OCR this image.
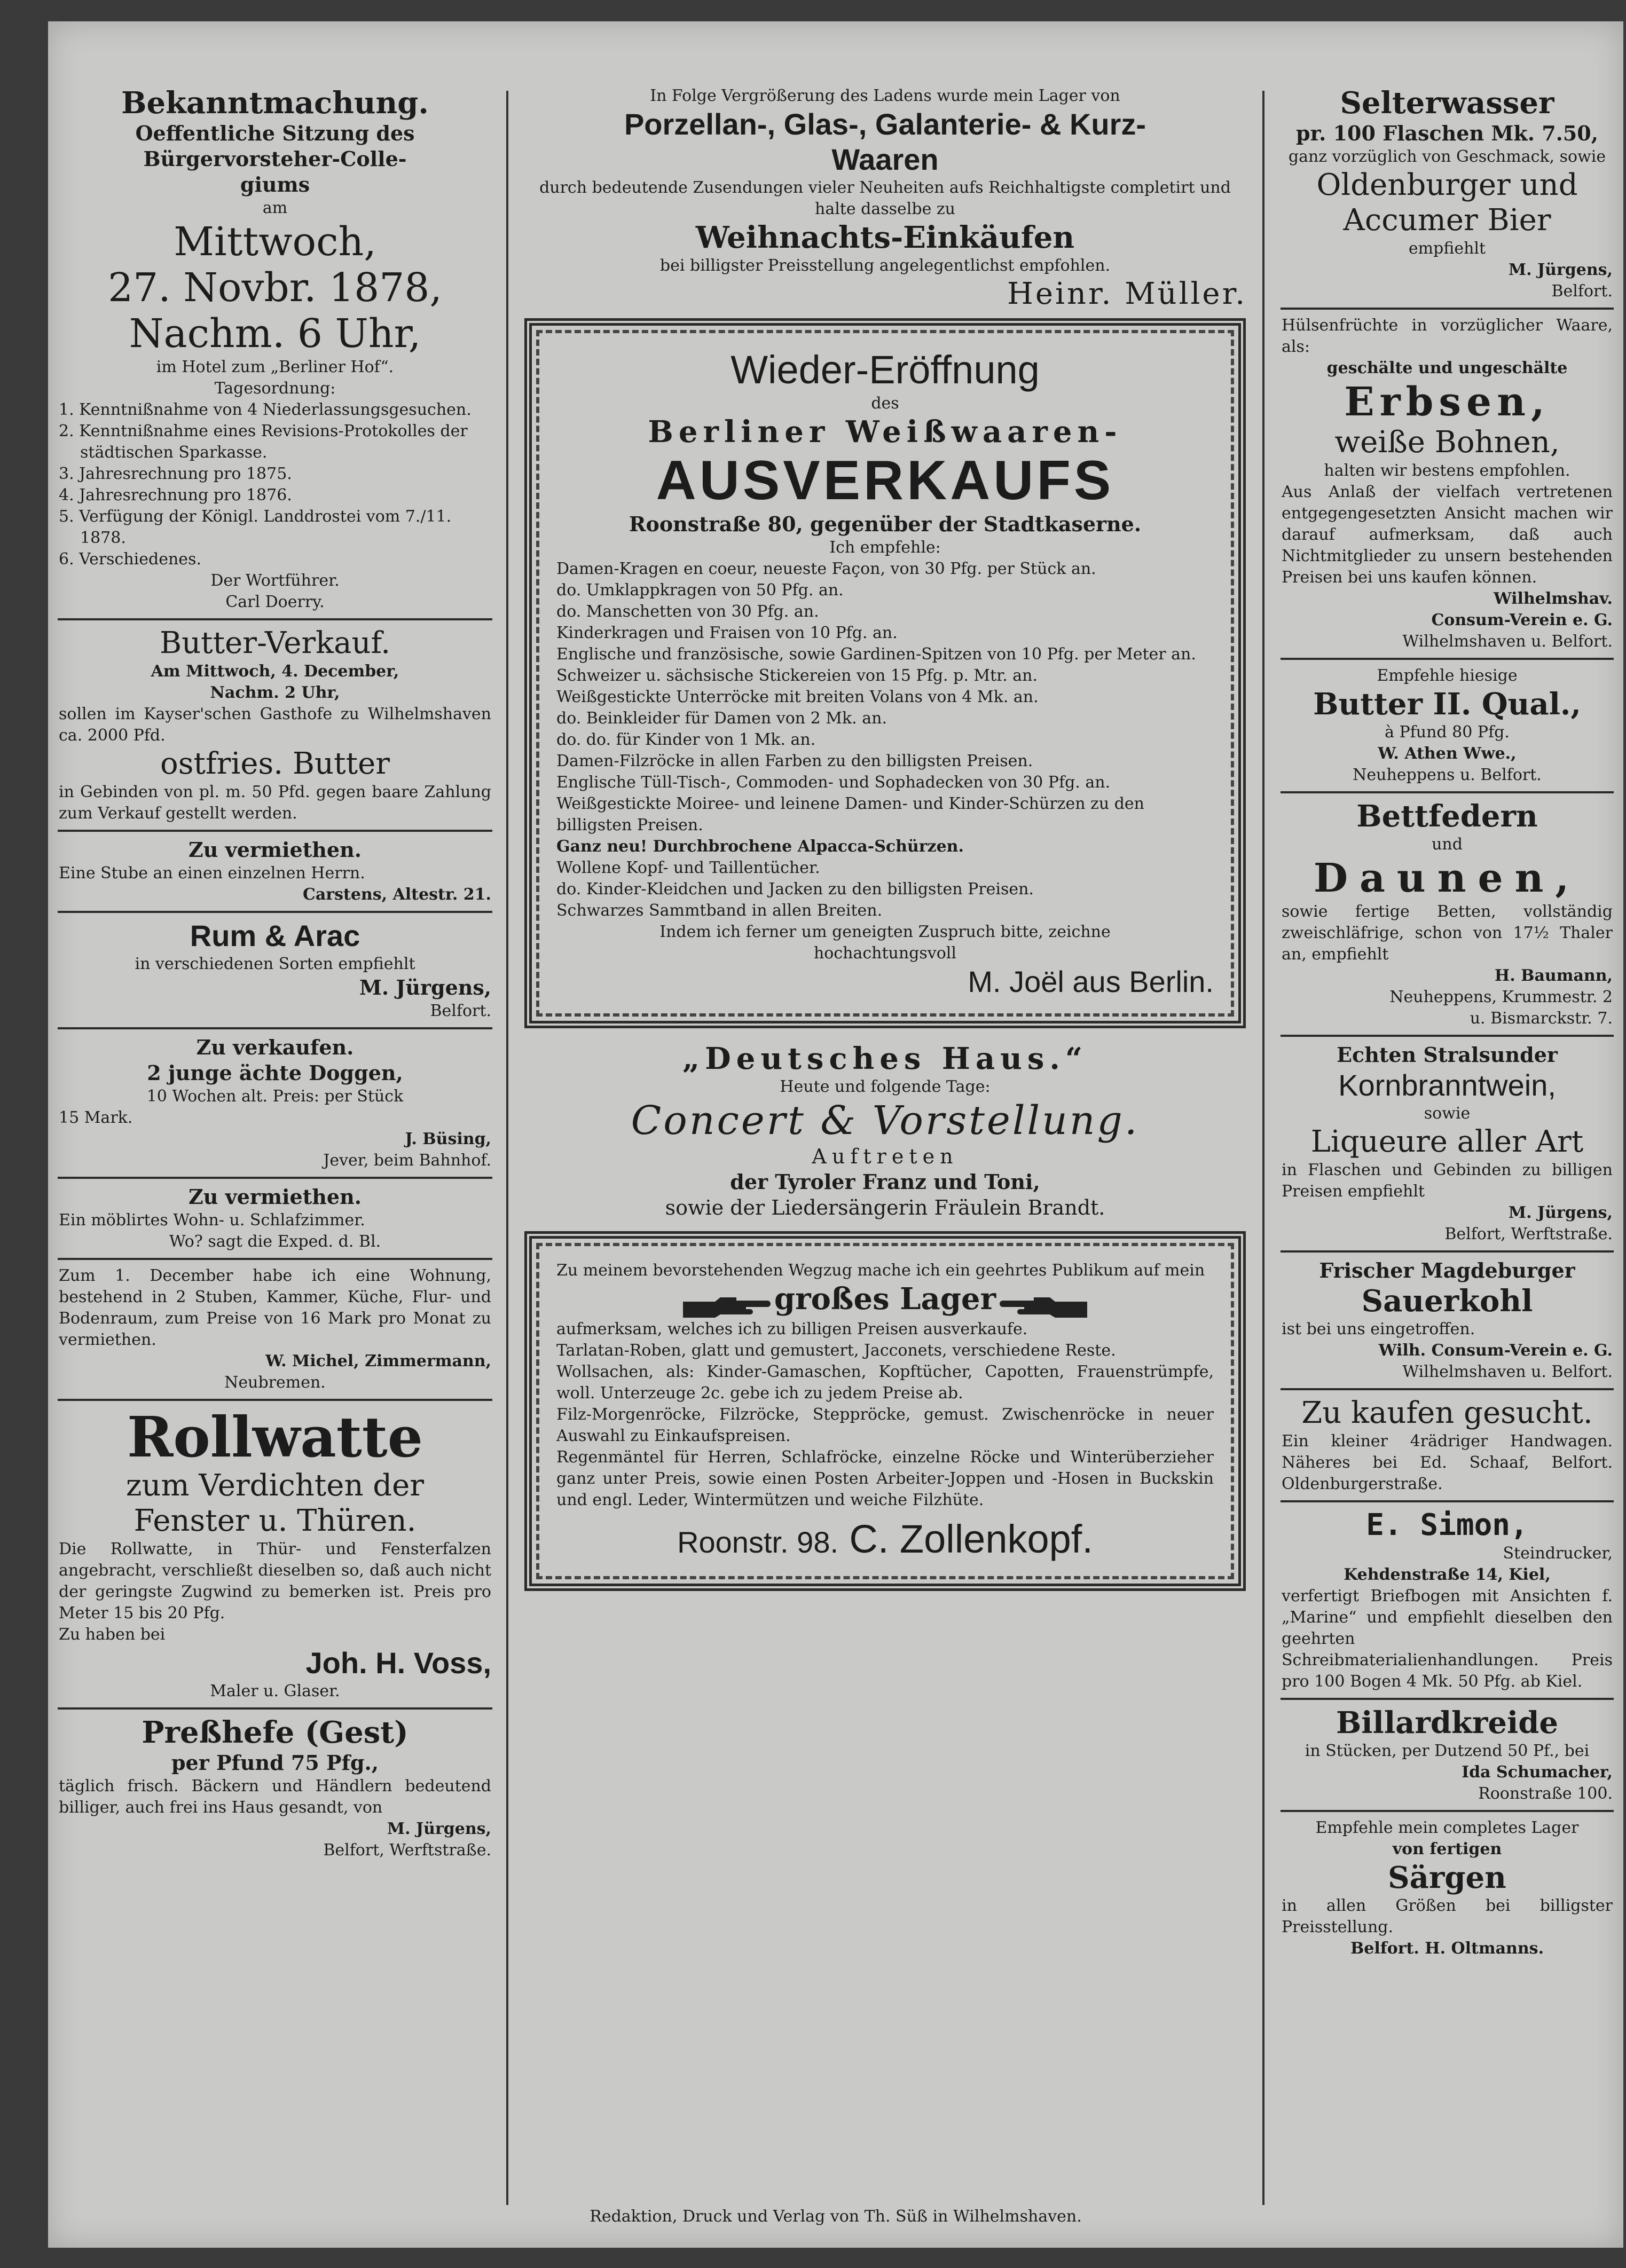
Bekanntmachung.
Oeffentliche Sitzung des
Bürgervorsteher-Colle-
giums
am
Mittwoch,
27. Novbr. 1878,
Nachm. 6 Uhr,
im Hotel zum „Berliner Hof“.
Tagesordnung:
1. Kenntnißnahme von 4 Niederlassungsgesuchen.
2. Kenntnißnahme eines Revisions-Protokolles der städtischen Sparkasse.
3. Jahresrechnung pro 1875.
4. Jahresrechnung pro 1876.
5. Verfügung der Königl. Landdrostei vom 7./11. 1878.
6. Verschiedenes.
Der Wortführer.
Carl Doerry.
Butter-Verkauf.
Am Mittwoch, 4. December,
Nachm. 2 Uhr,
sollen im Kayser'schen Gasthofe zu Wilhelmshaven ca. 2000 Pfd.
ostfries. Butter
in Gebinden von pl. m. 50 Pfd. gegen baare Zahlung zum Verkauf gestellt werden.
Zu vermiethen.
Eine Stube an einen einzelnen Herrn.
Carstens, Altestr. 21.
Rum & Arac
in verschiedenen Sorten empfiehlt
M. Jürgens,
Belfort.
Zu verkaufen.
2 junge ächte Doggen,
10 Wochen alt. Preis: per Stück
15 Mark.
J. Büsing,
Jever, beim Bahnhof.
Zu vermiethen.
Ein möblirtes Wohn- u. Schlafzimmer.
Wo? sagt die Exped. d. Bl.
Zum 1. December habe ich eine Wohnung, bestehend in 2 Stuben, Kammer, Küche, Flur- und Bodenraum, zum Preise von 16 Mark pro Monat zu vermiethen.
W. Michel, Zimmermann,
Neubremen.
Rollwatte
zum Verdichten der
Fenster u. Thüren.
Die Rollwatte, in Thür- und Fensterfalzen angebracht, verschließt dieselben so, daß auch nicht der geringste Zugwind zu bemerken ist. Preis pro Meter 15 bis 20 Pfg.
Zu haben bei
Joh. H. Voss,
Maler u. Glaser.
Preßhefe (Gest)
per Pfund 75 Pfg.,
täglich frisch. Bäckern und Händlern bedeutend billiger, auch frei ins Haus gesandt, von
M. Jürgens,
Belfort, Werftstraße.
In Folge Vergrößerung des Ladens wurde mein Lager von
Porzellan-, Glas-, Galanterie- & Kurz-
Waaren
durch bedeutende Zusendungen vieler Neuheiten aufs Reichhaltigste completirt und halte dasselbe zu
Weihnachts-Einkäufen
bei billigster Preisstellung angelegentlichst empfohlen.
Heinr. Müller.
Wieder-Eröffnung
des
Berliner Weißwaaren-
AUSVERKAUFS
Roonstraße 80, gegenüber der Stadtkaserne.
Ich empfehle:
Damen-Kragen en coeur, neueste Façon, von 30 Pfg. per Stück an.
do. Umklappkragen von 50 Pfg. an.
do. Manschetten von 30 Pfg. an.
Kinderkragen und Fraisen von 10 Pfg. an.
Englische und französische, sowie Gardinen-Spitzen von 10 Pfg. per Meter an.
Schweizer u. sächsische Stickereien von 15 Pfg. p. Mtr. an.
Weißgestickte Unterröcke mit breiten Volans von 4 Mk. an.
do. Beinkleider für Damen von 2 Mk. an.
do. do. für Kinder von 1 Mk. an.
Damen-Filzröcke in allen Farben zu den billigsten Preisen.
Englische Tüll-Tisch-, Commoden- und Sophadecken von 30 Pfg. an.
Weißgestickte Moiree- und leinene Damen- und Kinder-Schürzen zu den billigsten Preisen.
Ganz neu! Durchbrochene Alpacca-Schürzen.
Wollene Kopf- und Taillentücher.
do. Kinder-Kleidchen und Jacken zu den billigsten Preisen.
Schwarzes Sammtband in allen Breiten.
Indem ich ferner um geneigten Zuspruch bitte, zeichne
hochachtungsvoll
M. Joël aus Berlin.
„Deutsches Haus.“
Heute und folgende Tage:
Concert & Vorstellung.
Auftreten
der Tyroler Franz und Toni,
sowie der Liedersängerin Fräulein Brandt.
Zu meinem bevorstehenden Wegzug mache ich ein geehrtes Publikum auf mein
großes Lager
aufmerksam, welches ich zu billigen Preisen ausverkaufe.
Tarlatan-Roben, glatt und gemustert, Jacconets, verschiedene Reste.
Wollsachen, als: Kinder-Gamaschen, Kopftücher, Capotten, Frauenstrümpfe, woll. Unterzeuge 2c. gebe ich zu jedem Preise ab.
Filz-Morgenröcke, Filzröcke, Steppröcke, gemust. Zwischenröcke in neuer Auswahl zu Einkaufspreisen.
Regenmäntel für Herren, Schlafröcke, einzelne Röcke und Winterüberzieher ganz unter Preis, sowie einen Posten Arbeiter-Joppen und -Hosen in Buckskin und engl. Leder, Wintermützen und weiche Filzhüte.
Roonstr. 98. C. Zollenkopf.
Selterwasser
pr. 100 Flaschen Mk. 7.50,
ganz vorzüglich von Geschmack, sowie
Oldenburger und
Accumer Bier
empfiehlt
M. Jürgens,
Belfort.
Hülsenfrüchte in vorzüglicher Waare, als:
geschälte und ungeschälte
Erbsen,
weiße Bohnen,
halten wir bestens empfohlen.
Aus Anlaß der vielfach vertretenen entgegengesetzten Ansicht machen wir darauf aufmerksam, daß auch Nichtmitglieder zu unsern bestehenden Preisen bei uns kaufen können.
Wilhelmshav.
Consum-Verein e. G.
Wilhelmshaven u. Belfort.
Empfehle hiesige
Butter II. Qual.,
à Pfund 80 Pfg.
W. Athen Wwe.,
Neuheppens u. Belfort.
Bettfedern
und
Daunen,
sowie fertige Betten, vollständig zweischläfrige, schon von 17½ Thaler an, empfiehlt
H. Baumann,
Neuheppens, Krummestr. 2
u. Bismarckstr. 7.
Echten Stralsunder
Kornbranntwein,
sowie
Liqueure aller Art
in Flaschen und Gebinden zu billigen Preisen empfiehlt
M. Jürgens,
Belfort, Werftstraße.
Frischer Magdeburger
Sauerkohl
ist bei uns eingetroffen.
Wilh. Consum-Verein e. G.
Wilhelmshaven u. Belfort.
Zu kaufen gesucht.
Ein kleiner 4rädriger Handwagen. Näheres bei Ed. Schaaf, Belfort. Oldenburgerstraße.
E. Simon,
Steindrucker,
Kehdenstraße 14, Kiel,
verfertigt Briefbogen mit Ansichten f. „Marine“ und empfiehlt dieselben den geehrten Schreibmaterialienhandlungen. Preis pro 100 Bogen 4 Mk. 50 Pfg. ab Kiel.
Billardkreide
in Stücken, per Dutzend 50 Pf., bei
Ida Schumacher,
Roonstraße 100.
Empfehle mein completes Lager
von fertigen
Särgen
in allen Größen bei billigster Preisstellung.
Belfort. H. Oltmanns.
Redaktion, Druck und Verlag von Th. Süß in Wilhelmshaven.
